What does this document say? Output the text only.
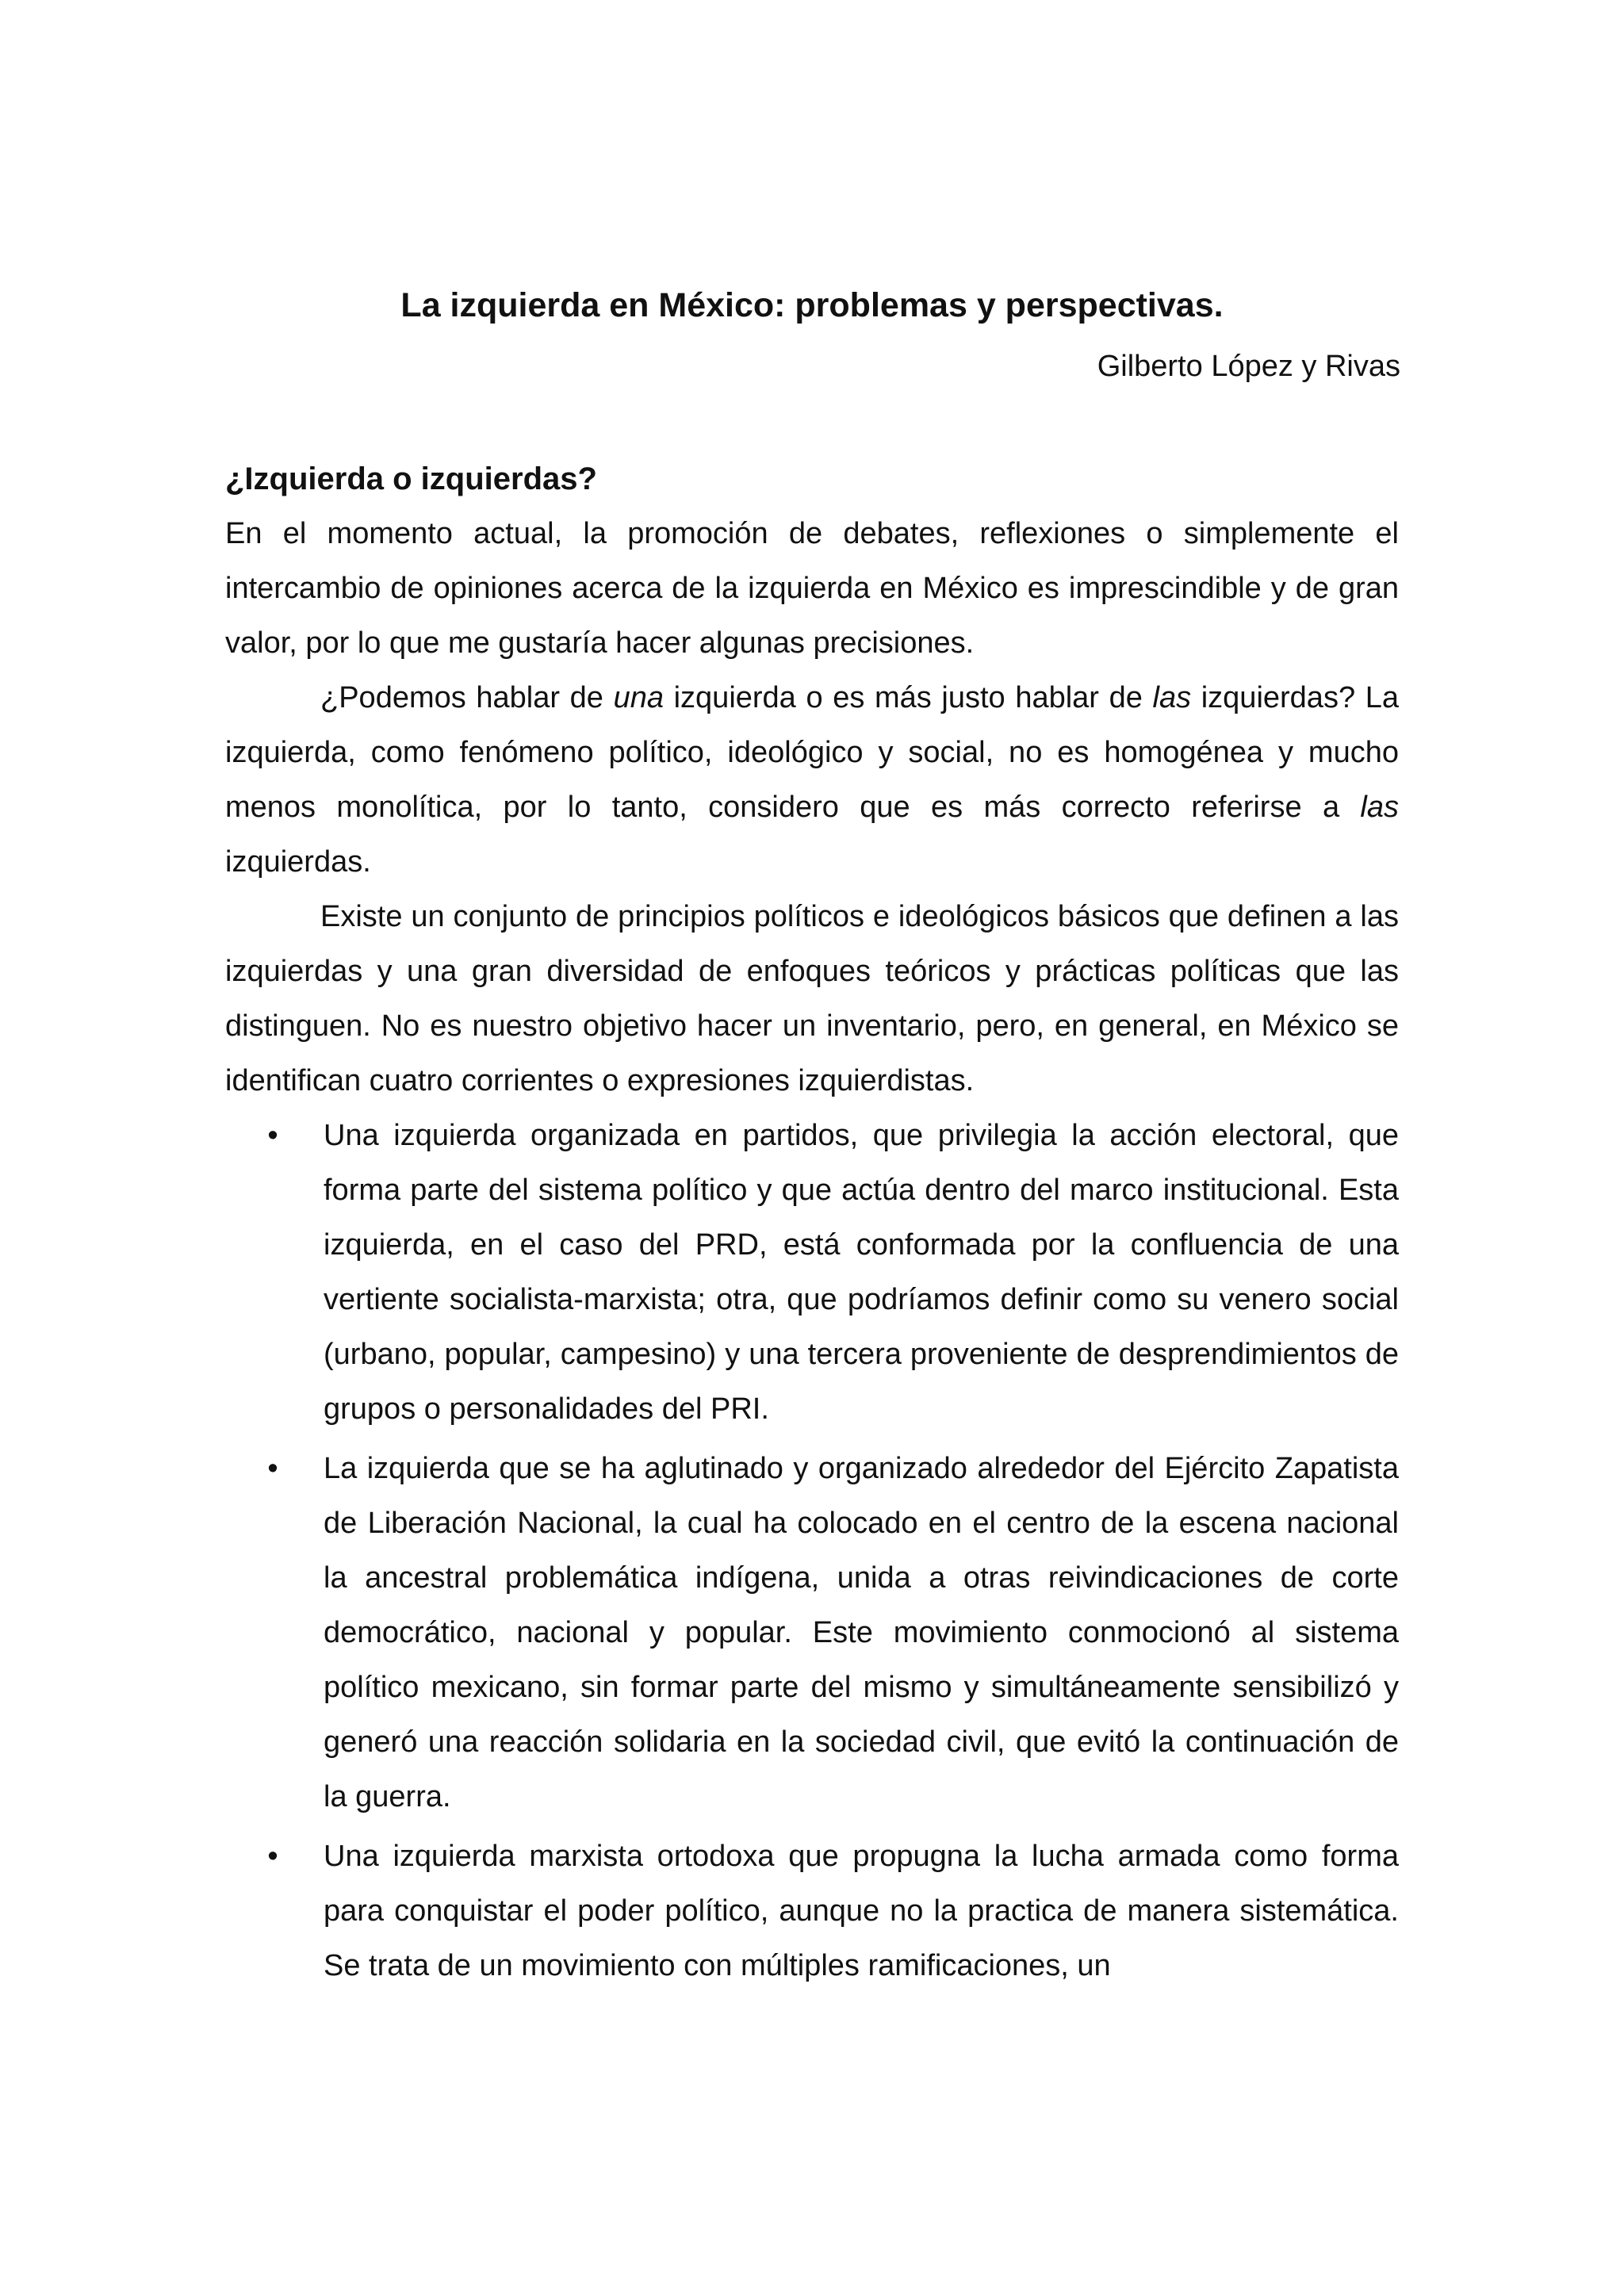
La izquierda en México: problemas y perspectivas.
Gilberto López y Rivas

¿Izquierda o izquierdas?

En el momento actual, la promoción de debates, reflexiones o simplemente el intercambio de opiniones acerca de la izquierda en México es imprescindible y de gran valor, por lo que me gustaría hacer algunas precisiones.

¿Podemos hablar de una izquierda o es más justo hablar de las izquierdas? La izquierda, como fenómeno político, ideológico y social, no es homogénea y mucho menos monolítica, por lo tanto, considero que es más correcto referirse a las izquierdas.

Existe un conjunto de principios políticos e ideológicos básicos que definen a las izquierdas y una gran diversidad de enfoques teóricos y prácticas políticas que las distinguen. No es nuestro objetivo hacer un inventario, pero, en general, en México se identifican cuatro corrientes o expresiones izquierdistas.

• Una izquierda organizada en partidos, que privilegia la acción electoral, que forma parte del sistema político y que actúa dentro del marco institucional. Esta izquierda, en el caso del PRD, está conformada por la confluencia de una vertiente socialista-marxista; otra, que podríamos definir como su venero social (urbano, popular, campesino) y una tercera proveniente de desprendimientos de grupos o personalidades del PRI.
• La izquierda que se ha aglutinado y organizado alrededor del Ejército Zapatista de Liberación Nacional, la cual ha colocado en el centro de la escena nacional la ancestral problemática indígena, unida a otras reivindicaciones de corte democrático, nacional y popular. Este movimiento conmocionó al sistema político mexicano, sin formar parte del mismo y simultáneamente sensibilizó y generó una reacción solidaria en la sociedad civil, que evitó la continuación de la guerra.
• Una izquierda marxista ortodoxa que propugna la lucha armada como forma para conquistar el poder político, aunque no la practica de manera sistemática. Se trata de un movimiento con múltiples ramificaciones, un
